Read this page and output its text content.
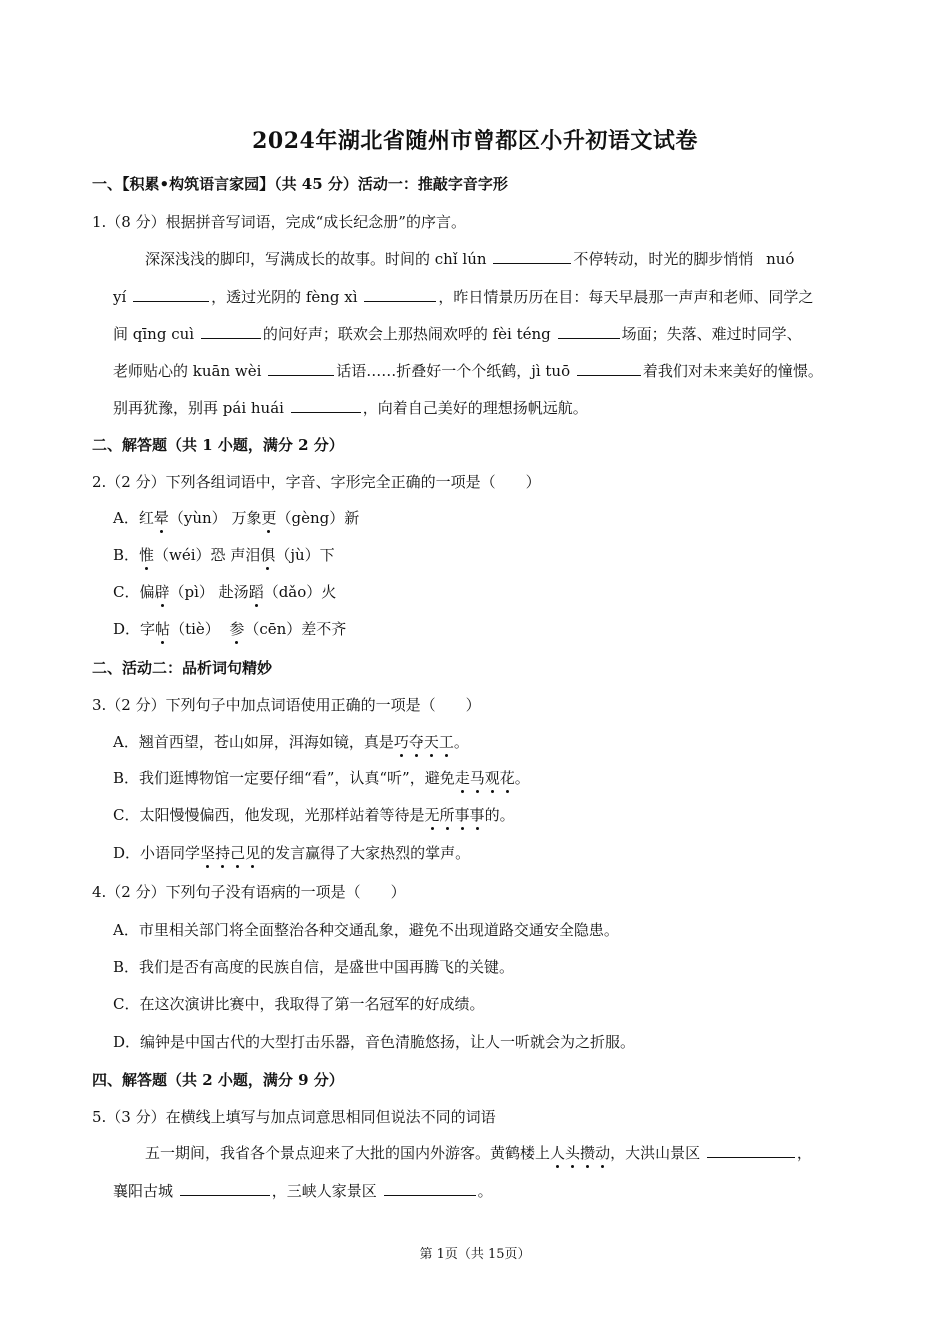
2024年湖北省随州市曾都区小升初语文试卷
一、【积累•构筑语言家园】（共 45 分）活动一：推敲字音字形
1.（8 分）根据拼音写词语，完成“成长纪念册”的序言。
深深浅浅的脚印，写满成长的故事。时间的 chǐ lún	不停转动，时光的脚步悄悄 nuó
yí	，透过光阴的 fèng xì	，昨日情景历历在目：每天早晨那一声声和老师、同学之
间 qīng cuì	的问好声；联欢会上那热闹欢呼的 fèi téng	场面；失落、难过时同学、
老师贴心的 kuān wèi	话语……折叠好一个个纸鹤，jì tuō	着我们对未来美好的憧憬。
别再犹豫，别再 pái huái	，向着自己美好的理想扬帆远航。
二、解答题（共 1 小题，满分 2 分）
2.（2 分）下列各组词语中，字音、字形完全正确的一项是（　　）
A．红晕（yùn） 万象更（gèng）新
B．惟（wéi）恐 声泪俱（jù）下
C．偏辟（pì） 赴汤蹈（dǎo）火
D．字帖（tiè）  参（cēn）差不齐
二、活动二：品析词句精妙
3.（2 分）下列句子中加点词语使用正确的一项是（　　）
A．翘首西望，苍山如屏，洱海如镜，真是巧夺天工。
B．我们逛博物馆一定要仔细“看”，认真“听”，避免走马观花。
C．太阳慢慢偏西，他发现，光那样站着等待是无所事事的。
D．小语同学坚持己见的发言赢得了大家热烈的掌声。
4.（2 分）下列句子没有语病的一项是（　　）
A．市里相关部门将全面整治各种交通乱象，避免不出现道路交通安全隐患。
B．我们是否有高度的民族自信，是盛世中国再腾飞的关键。
C．在这次演讲比赛中，我取得了第一名冠军的好成绩。
D．编钟是中国古代的大型打击乐器，音色清脆悠扬，让人一听就会为之折服。
四、解答题（共 2 小题，满分 9 分）
5.（3 分）在横线上填写与加点词意思相同但说法不同的词语
五一期间，我省各个景点迎来了大批的国内外游客。黄鹤楼上人头攒动，大洪山景区	，
襄阳古城	，三峡人家景区	。
第 1页（共 15页）
